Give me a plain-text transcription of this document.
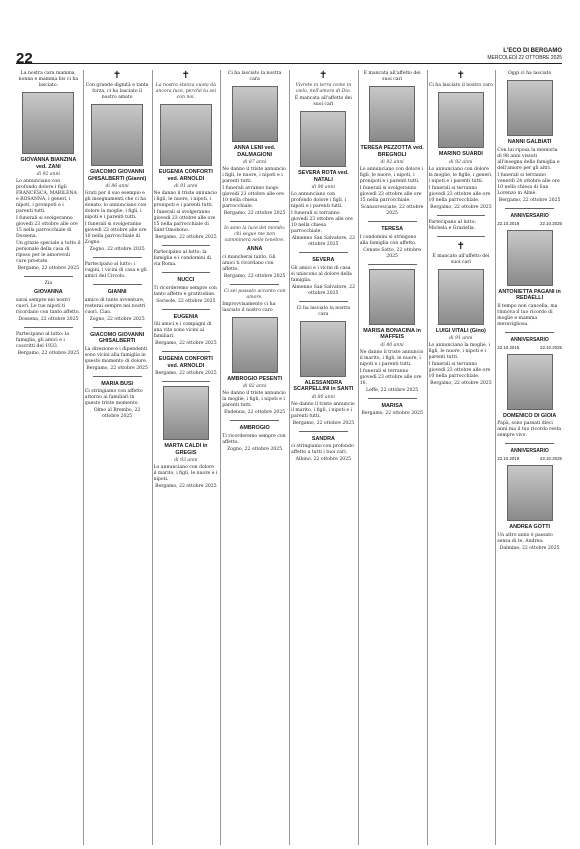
22	L'ECO DI BERGAMO
MERCOLEDÌ 22 OTTOBRE 2025
La nostra cara mamma, nonna e mamma bis ci ha lasciato.
GIOVANNA BIANZINA ved. ZANI
di 92 anni
Lo annunciano con profondo dolore i figli FRANCESCA, MARILENA e ROSANNA, i generi, i nipoti, i pronipoti e i parenti tutti.
I funerali si svolgeranno giovedì 23 ottobre alle ore 15 nella parrocchiale di Dossena.
Un grazie speciale a tutto il personale della casa di riposo per le amorevoli cure prestate.
Bergamo, 22 ottobre 2025
Zia
GIOVANNA
sarai sempre nei nostri cuori. Le tue nipoti ti ricordano con tanto affetto.
Dossena, 22 ottobre 2025
Partecipano al lutto: la famiglia, gli amici e i coscritti del 1933.
Bergamo, 22 ottobre 2025
✝
Con grande dignità e tanta forza, ci ha lasciato il nostro amato
GIACOMO GIOVANNI GHISALBERTI (Gianni)
di 86 anni
Grati per il suo esempio e gli insegnamenti che ci ha donato, lo annunciano con dolore la moglie, i figli, i nipoti e i parenti tutti.
I funerali si svolgeranno giovedì 23 ottobre alle ore 10 nella parrocchiale di Zogno.
Zogno, 22 ottobre 2025
Partecipano al lutto: i cugini, i vicini di casa e gli amici del Circolo.
GIANNI
amico di tante avventure, resterai sempre nei nostri cuori. Ciao.
Zogno, 22 ottobre 2025
GIACOMO GIOVANNI GHISALBERTI
La direzione e i dipendenti sono vicini alla famiglia in questo momento di dolore.
Bergamo, 22 ottobre 2025
MARIA BUSI
Ci stringiamo con affetto attorno ai familiari in questo triste momento.
Olmo al Brembo, 22 ottobre 2025
✝
La nostra stanza vuota dà ancora luce, perché tu sei con noi.
EUGENIA CONFORTI ved. ARNOLDI
di 91 anni
Ne danno il triste annuncio i figli, le nuore, i nipoti, i pronipoti e i parenti tutti.
I funerali si svolgeranno giovedì 23 ottobre alle ore 15 nella parrocchiale di Sant'Omobono.
Bergamo, 22 ottobre 2025
Partecipano al lutto: la famiglia e i condomini di via Roma.
NUCCI
Ti ricorderemo sempre con tanto affetto e gratitudine.
Sorisole, 22 ottobre 2025
EUGENIA
Gli amici e i compagni di una vita sono vicini ai familiari.
Bergamo, 22 ottobre 2025
EUGENIA CONFORTI ved. ARNOLDI
Bergamo, 22 ottobre 2025
MARTA CALDI in GREGIS
di 93 anni
Lo annunciano con dolore il marito, i figli, le nuore e i nipoti.
Bergamo, 22 ottobre 2025
Ci ha lasciato la nostra cara
ANNA LENI ved. DALMAGIONI
di 87 anni
Ne danno il triste annuncio i figli, le nuore, i nipoti e i parenti tutti.
I funerali avranno luogo giovedì 23 ottobre alle ore 10 nella chiesa parrocchiale.
Bergamo, 22 ottobre 2025
Io sono la luce del mondo; chi segue me non camminerà nelle tenebre.
ANNA
ci mancherai tanto. Gli amici ti ricordano con affetto.
Bergamo, 22 ottobre 2025
Ci sei passato accanto con amore.
Improvvisamente ci ha lasciato il nostro caro
AMBROGIO PESENTI
di 82 anni
Ne danno il triste annuncio la moglie, i figli, i nipoti e i parenti tutti.
Endenna, 22 ottobre 2025
AMBROGIO
Ti ricorderemo sempre con affetto.
Zogno, 22 ottobre 2025
✝
Vivrete in terra come in cielo, nell'amore di Dio.
È mancata all'affetto dei suoi cari
SEVERA ROTA ved. NATALI
di 90 anni
Lo annunciano con profondo dolore i figli, i nipoti e i parenti tutti.
I funerali si terranno giovedì 23 ottobre alle ore 10 nella chiesa parrocchiale.
Almenno San Salvatore, 22 ottobre 2025
SEVERA
Gli amici e i vicini di casa si uniscono al dolore della famiglia.
Almenno San Salvatore, 22 ottobre 2025
Ci ha lasciato la nostra cara
ALESSANDRA SCARPELLINI in SANTI
di 80 anni
Ne danno il triste annuncio il marito, i figli, i nipoti e i parenti tutti.
Bergamo, 22 ottobre 2025
SANDRA
ci stringiamo con profondo affetto a tutti i tuoi cari.
Albino, 22 ottobre 2025
È mancata all'affetto dei suoi cari
TERESA PEZZOTTA ved. BREGNOLI
di 92 anni
Lo annunciano con dolore i figli, le nuore, i nipoti, i pronipoti e i parenti tutti.
I funerali si svolgeranno giovedì 23 ottobre alle ore 15 nella parrocchiale.
Scanzorosciate, 22 ottobre 2025
TERESA
I condomini si stringono alla famiglia con affetto.
Cenate Sotto, 22 ottobre 2025
MARISA BONACINA in MAFFEIS
di 80 anni
Ne danno il triste annuncio il marito, i figli, le nuore, i nipoti e i parenti tutti.
I funerali si terranno giovedì 23 ottobre alle ore 10.
Leffe, 22 ottobre 2025
MARISA
Bergamo, 22 ottobre 2025
✝
Ci ha lasciato il nostro caro
MARINO SUARDI
di 92 anni
Lo annunciano con dolore la moglie, le figlie, i generi, i nipoti e i parenti tutti.
I funerali si terranno giovedì 23 ottobre alle ore 10 nella parrocchiale.
Bergamo, 22 ottobre 2025
Partecipano al lutto: Michela e Graziella.
✝
È mancato all'affetto dei suoi cari
LUIGI VITALI (Gino)
di 91 anni
Lo annunciano la moglie, i figli, le nuore, i nipoti e i parenti tutti.
I funerali si terranno giovedì 23 ottobre alle ore 10 nella parrocchiale.
Bergamo, 22 ottobre 2025
Oggi ci ha lasciato
NANNI GALBIATI
Con lui riposa la memoria di 98 anni vissuti all'insegna della famiglia e dell'amore per gli altri.
I funerali si terranno venerdì 24 ottobre alle ore 10 nella chiesa di San Lorenzo in Almè.
Bergamo, 22 ottobre 2025
ANNIVERSARIO
22.10.2018	22.10.2025
ANTONIETTA PAGANI in REDAELLI
Il tempo non cancella, ma rinnova il tuo ricordo di moglie e mamma meravigliosa.
ANNIVERSARIO
22.10.2015	22.10.2025
DOMENICO DI GIOIA
Papà, sono passati dieci anni ma il tuo ricordo resta sempre vivo.
ANNIVERSARIO
22.10.2019	22.10.2025
ANDREA GOTTI
Un altro anno è passato senza di te, Andrea.
Dalmine, 22 ottobre 2025
